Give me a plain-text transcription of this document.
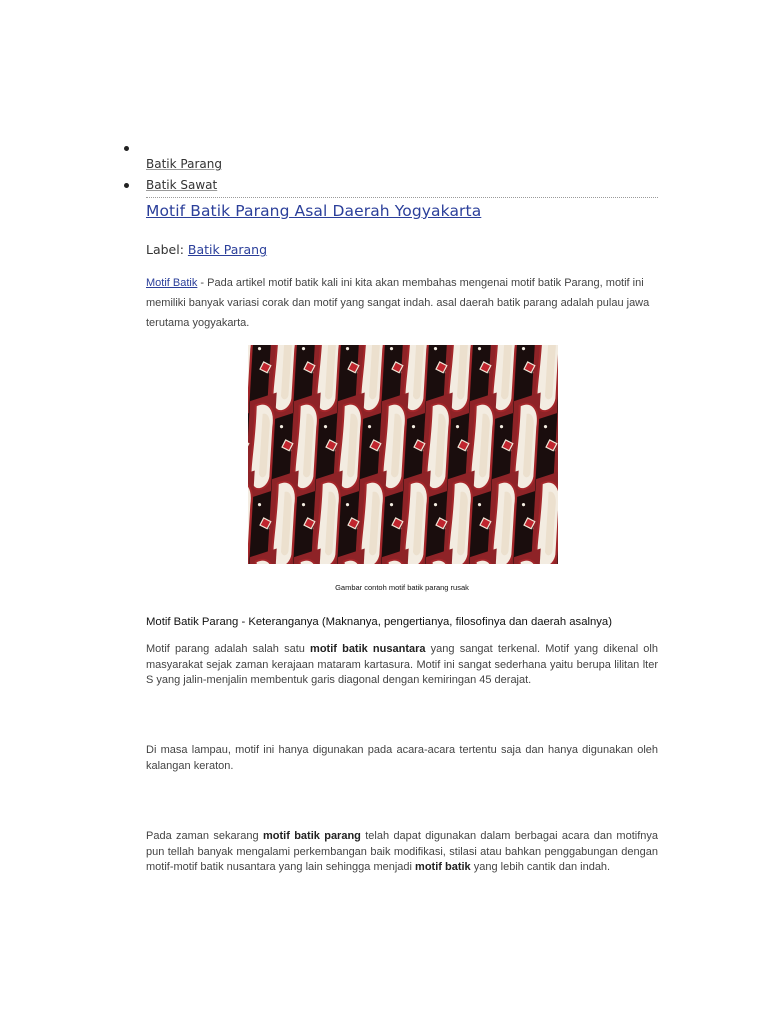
Batik Parang
Batik Sawat
Motif Batik Parang Asal Daerah Yogyakarta
Label: Batik Parang
Motif Batik - Pada artikel motif batik kali ini kita akan membahas mengenai motif batik Parang, motif ini memiliki banyak variasi corak dan motif yang sangat indah. asal daerah batik parang adalah pulau jawa terutama yogyakarta.
Gambar contoh motif batik parang rusak
Motif Batik Parang - Keteranganya (Maknanya, pengertianya, filosofinya dan daerah asalnya)
Motif parang adalah salah satu motif batik nusantara yang sangat terkenal. Motif yang dikenal olh masyarakat sejak zaman kerajaan mataram kartasura. Motif ini sangat sederhana yaitu berupa lilitan lter S yang jalin-menjalin membentuk garis diagonal dengan kemiringan 45 derajat.
Di masa lampau, motif ini hanya digunakan pada acara-acara tertentu saja dan hanya digunakan oleh kalangan keraton.
Pada zaman sekarang motif batik parang telah dapat digunakan dalam berbagai acara dan motifnya pun tellah banyak mengalami perkembangan baik modifikasi, stilasi atau bahkan penggabungan dengan motif-motif batik nusantara yang lain sehingga menjadi motif batik yang lebih cantik dan indah.
